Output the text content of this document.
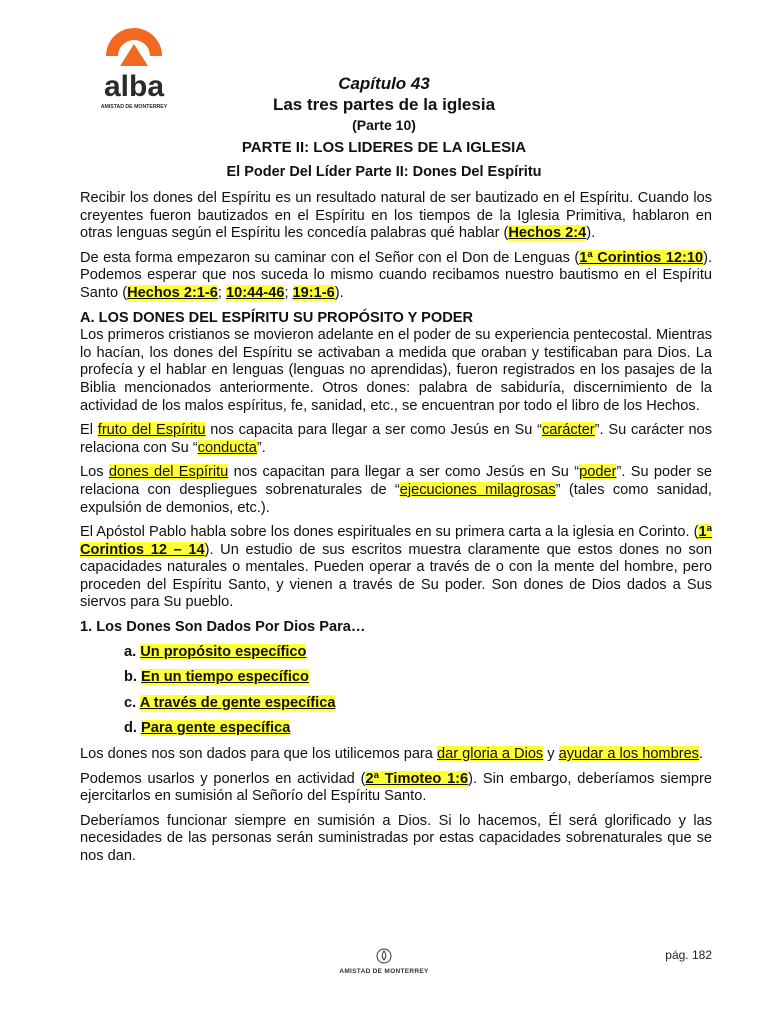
alba
AMISTAD DE MONTERREY
Capítulo 43
Las tres partes de la iglesia
(Parte 10)
PARTE II: LOS LIDERES DE LA IGLESIA
El Poder Del Líder Parte II: Dones Del Espíritu

Recibir los dones del Espíritu es un resultado natural de ser bautizado en el Espíritu. Cuando los creyentes fueron bautizados en el Espíritu en los tiempos de la Iglesia Primitiva, hablaron en otras lenguas según el Espíritu les concedía palabras qué hablar (Hechos 2:4).

De esta forma empezaron su caminar con el Señor con el Don de Lenguas (1ª Corintios 12:10). Podemos esperar que nos suceda lo mismo cuando recibamos nuestro bautismo en el Espíritu Santo (Hechos 2:1-6; 10:44-46; 19:1-6).

A. LOS DONES DEL ESPÍRITU SU PROPÓSITO Y PODER

Los primeros cristianos se movieron adelante en el poder de su experiencia pentecostal. Mientras lo hacían, los dones del Espíritu se activaban a medida que oraban y testificaban para Dios. La profecía y el hablar en lenguas (lenguas no aprendidas), fueron registrados en los pasajes de la Biblia mencionados anteriormente. Otros dones: palabra de sabiduría, discernimiento de la actividad de los malos espíritus, fe, sanidad, etc., se encuentran por todo el libro de los Hechos.

El fruto del Espíritu nos capacita para llegar a ser como Jesús en Su “carácter”. Su carácter nos relaciona con Su “conducta”.

Los dones del Espíritu nos capacitan para llegar a ser como Jesús en Su “poder”. Su poder se relaciona con despliegues sobrenaturales de “ejecuciones milagrosas” (tales como sanidad, expulsión de demonios, etc.).

El Apóstol Pablo habla sobre los dones espirituales en su primera carta a la iglesia en Corinto. (1ª Corintios 12 – 14). Un estudio de sus escritos muestra claramente que estos dones no son capacidades naturales o mentales. Pueden operar a través de o con la mente del hombre, pero proceden del Espíritu Santo, y vienen a través de Su poder. Son dones de Dios dados a Sus siervos para Su pueblo.

1. Los Dones Son Dados Por Dios Para…
a. Un propósito específico
b. En un tiempo específico
c. A través de gente específica
d. Para gente específica

Los dones nos son dados para que los utilicemos para dar gloria a Dios y ayudar a los hombres.

Podemos usarlos y ponerlos en actividad (2ª Timoteo 1:6). Sin embargo, deberíamos siempre ejercitarlos en sumisión al Señorío del Espíritu Santo.

Deberíamos funcionar siempre en sumisión a Dios. Si lo hacemos, Él será glorificado y las necesidades de las personas serán suministradas por estas capacidades sobrenaturales que se nos dan.

AMISTAD DE MONTERREY
pág. 182
